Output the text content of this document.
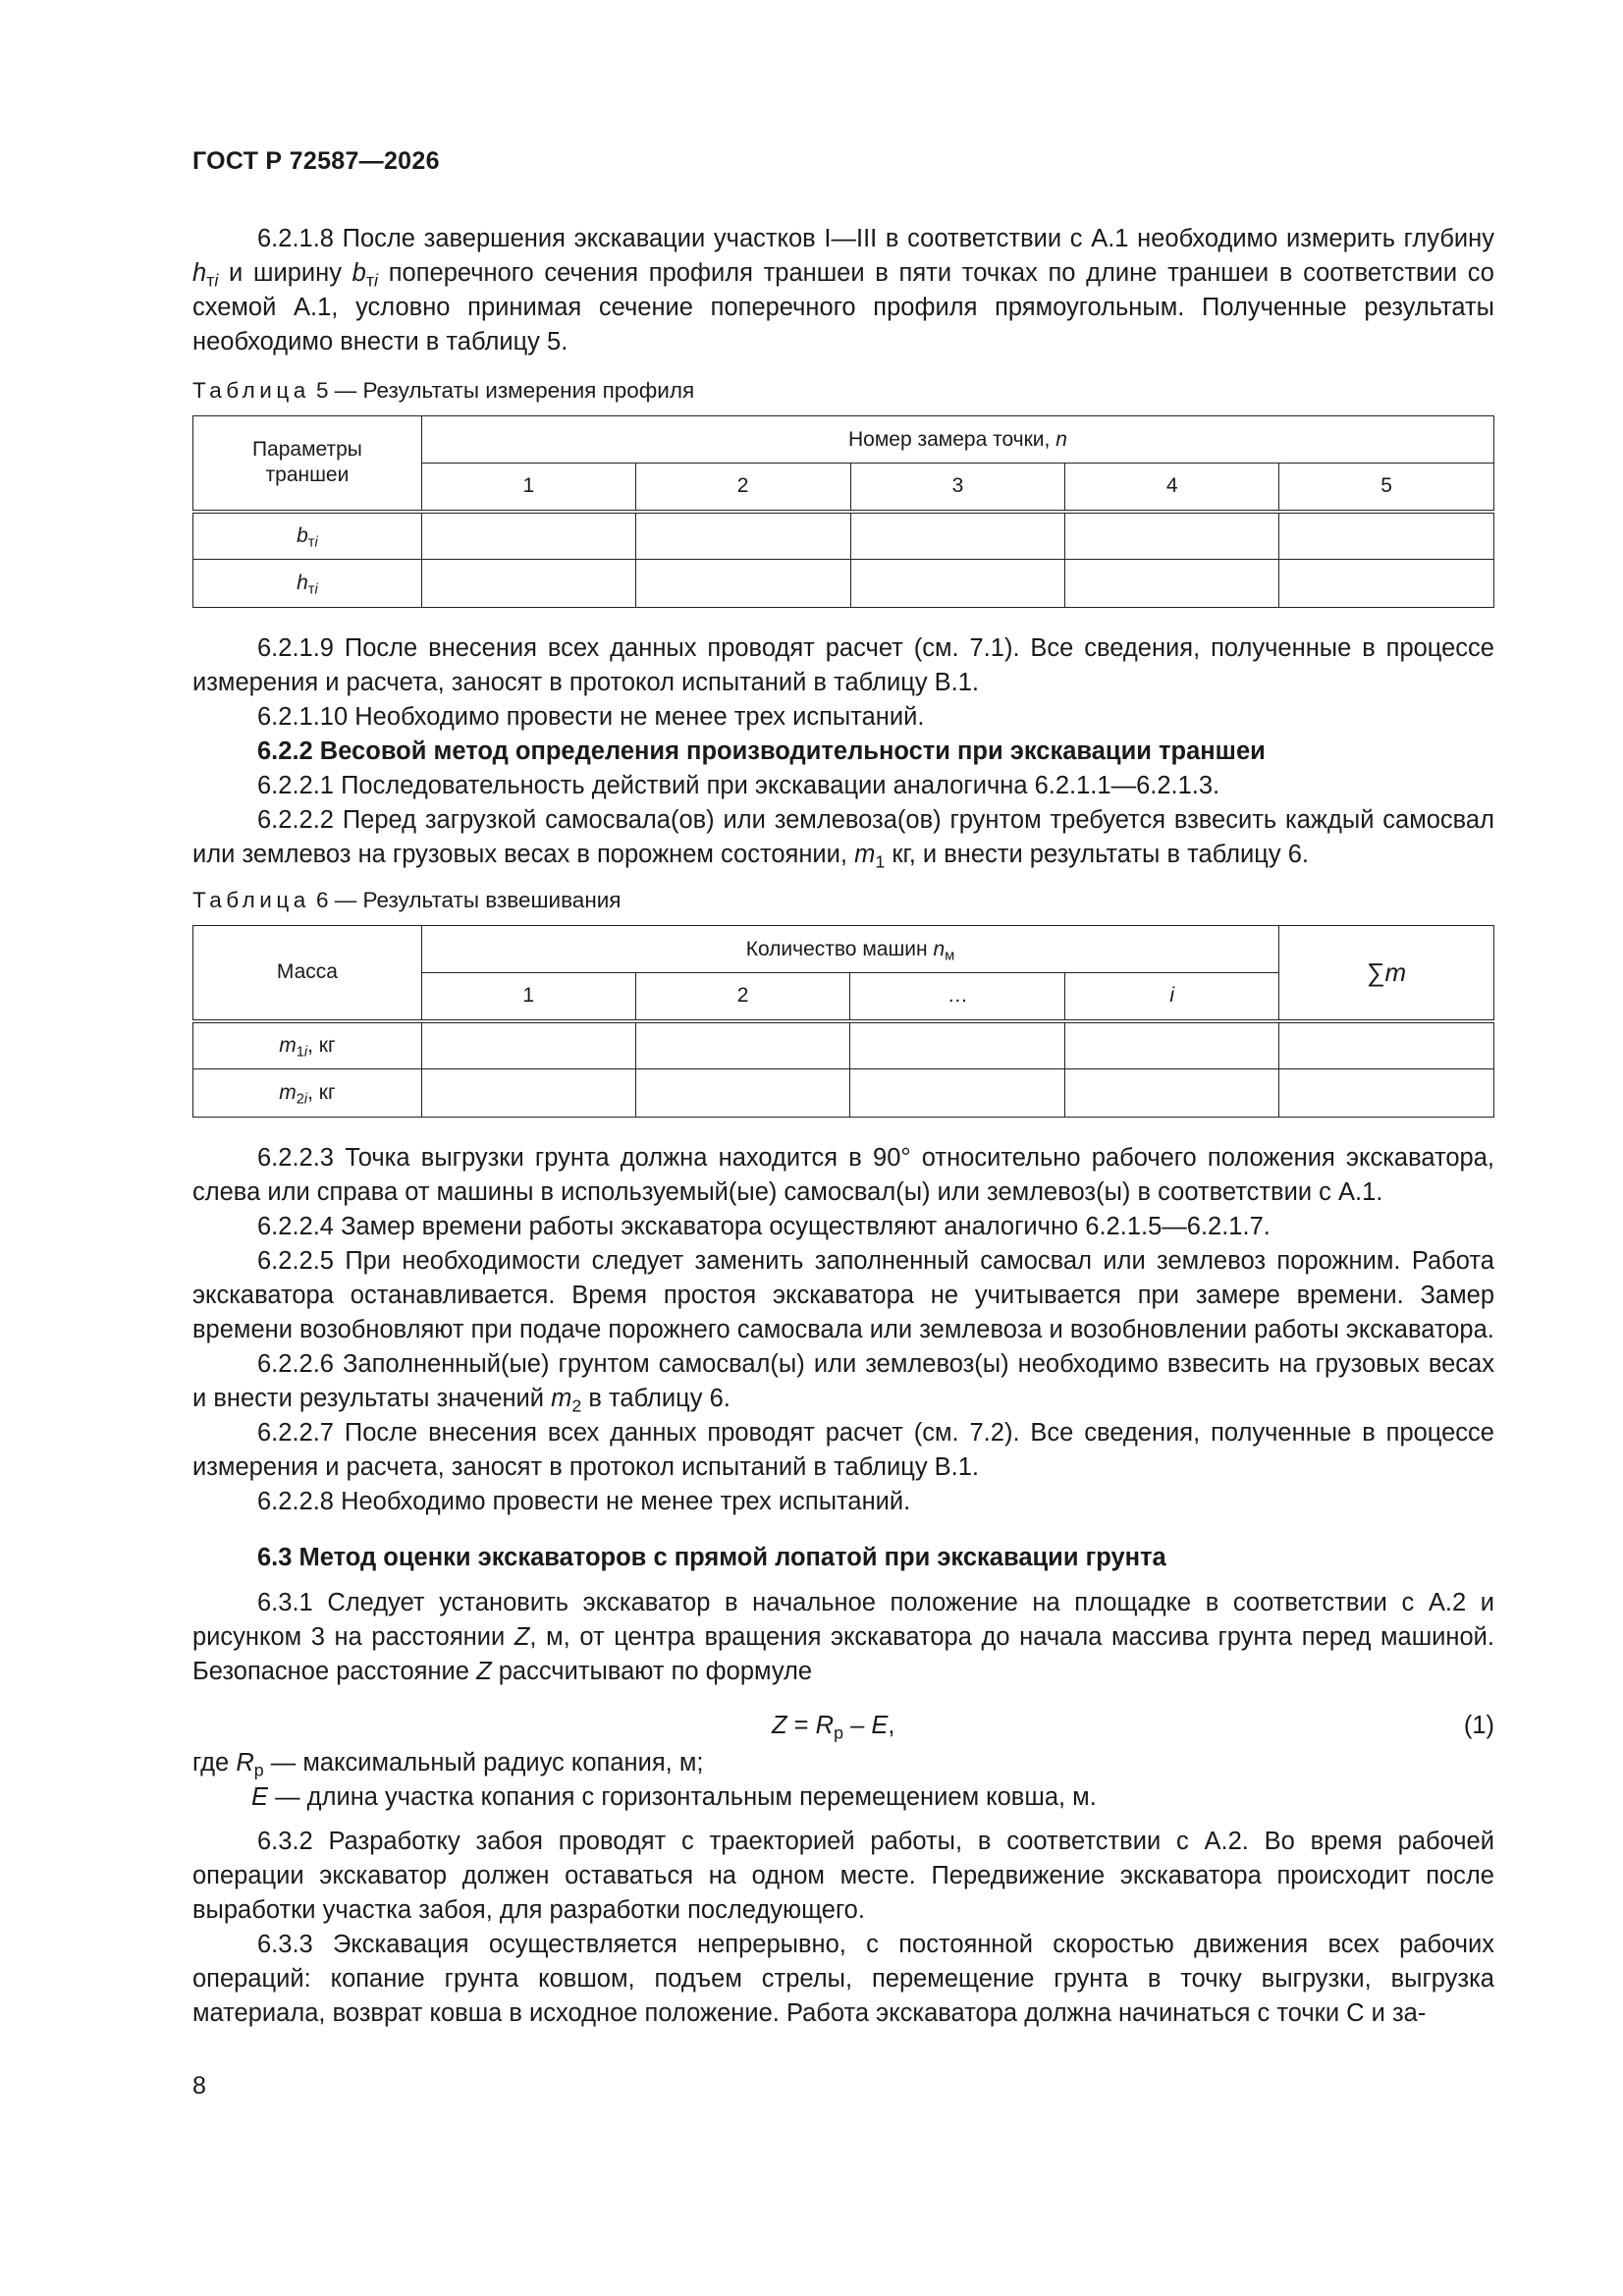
ГОСТ Р 72587—2026

6.2.1.8 После завершения экскавации участков I—III в соответствии с А.1 необходимо измерить глубину $h_{тi}$ и ширину $b_{тi}$ поперечного сечения профиля траншеи в пяти точках по длине траншеи в соответствии со схемой А.1, условно принимая сечение поперечного профиля прямоугольным. Полученные результаты необходимо внести в таблицу 5.

Таблица 5 — Результаты измерения профиля
Параметры траншеи	Номер замера точки, n				
	1	2	3	4	5
$b_{тi}$					
$h_{тi}$					

6.2.1.9 После внесения всех данных проводят расчет (см. 7.1). Все сведения, полученные в процессе измерения и расчета, заносят в протокол испытаний в таблицу В.1.

6.2.1.10 Необходимо провести не менее трех испытаний.

6.2.2 Весовой метод определения производительности при экскавации траншеи

6.2.2.1 Последовательность действий при экскавации аналогична 6.2.1.1—6.2.1.3.

6.2.2.2 Перед загрузкой самосвала(ов) или землевоза(ов) грунтом требуется взвесить каждый самосвал или землевоз на грузовых весах в порожнем состоянии, $m_1$ кг, и внести результаты в таблицу 6.

Таблица 6 — Результаты взвешивания
Масса	Количество машин $n_м$				∑m
	1	2	…	i	
$m_{1i}$, кг					
$m_{2i}$, кг					

6.2.2.3 Точка выгрузки грунта должна находится в 90° относительно рабочего положения экскаватора, слева или справа от машины в используемый(ые) самосвал(ы) или землевоз(ы) в соответствии с А.1.

6.2.2.4 Замер времени работы экскаватора осуществляют аналогично 6.2.1.5—6.2.1.7.

6.2.2.5 При необходимости следует заменить заполненный самосвал или землевоз порожним. Работа экскаватора останавливается. Время простоя экскаватора не учитывается при замере времени. Замер времени возобновляют при подаче порожнего самосвала или землевоза и возобновлении работы экскаватора.

6.2.2.6 Заполненный(ые) грунтом самосвал(ы) или землевоз(ы) необходимо взвесить на грузовых весах и внести результаты значений $m_2$ в таблицу 6.

6.2.2.7 После внесения всех данных проводят расчет (см. 7.2). Все сведения, полученные в процессе измерения и расчета, заносят в протокол испытаний в таблицу В.1.

6.2.2.8 Необходимо провести не менее трех испытаний.

6.3 Метод оценки экскаваторов с прямой лопатой при экскавации грунта

6.3.1 Следует установить экскаватор в начальное положение на площадке в соответствии с А.2 и рисунком 3 на расстоянии Z, м, от центра вращения экскаватора до начала массива грунта перед машиной. Безопасное расстояние Z рассчитывают по формуле

$Z = R_р - E$,	(1)

где $R_р$ — максимальный радиус копания, м;

E — длина участка копания с горизонтальным перемещением ковша, м.

6.3.2 Разработку забоя проводят с траекторией работы, в соответствии с А.2. Во время рабочей операции экскаватор должен оставаться на одном месте. Передвижение экскаватора происходит после выработки участка забоя, для разработки последующего.

6.3.3 Экскавация осуществляется непрерывно, с постоянной скоростью движения всех рабочих операций: копание грунта ковшом, подъем стрелы, перемещение грунта в точку выгрузки, выгрузка материала, возврат ковша в исходное положение. Работа экскаватора должна начинаться с точки С и за-

8
